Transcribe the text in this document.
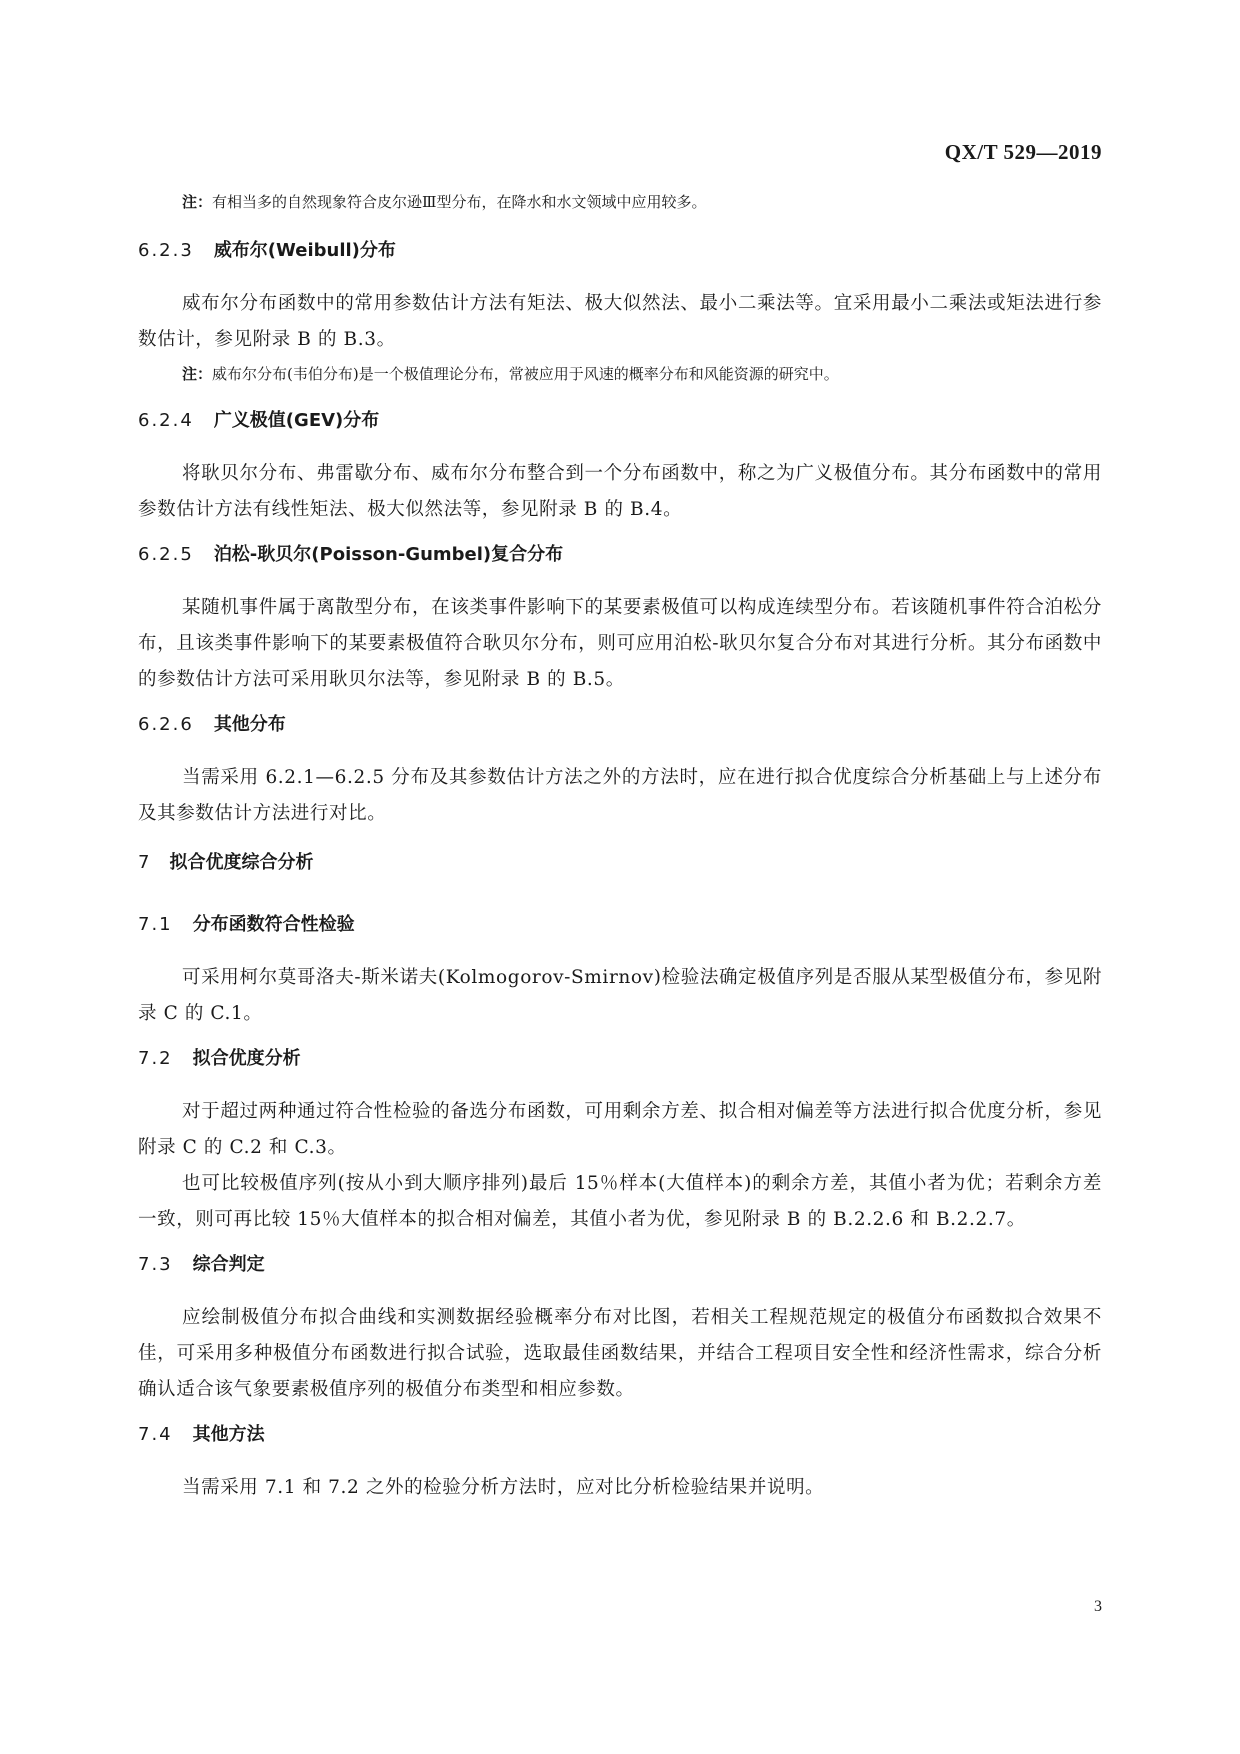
QX/T 529—2019

注：有相当多的自然现象符合皮尔逊Ⅲ型分布，在降水和水文领域中应用较多。

6.2.3 威布尔(Weibull)分布

威布尔分布函数中的常用参数估计方法有矩法、极大似然法、最小二乘法等。宜采用最小二乘法或矩法进行参数估计，参见附录 B 的 B.3。

注：威布尔分布(韦伯分布)是一个极值理论分布，常被应用于风速的概率分布和风能资源的研究中。

6.2.4 广义极值(GEV)分布

将耿贝尔分布、弗雷歇分布、威布尔分布整合到一个分布函数中，称之为广义极值分布。其分布函数中的常用参数估计方法有线性矩法、极大似然法等，参见附录 B 的 B.4。

6.2.5 泊松-耿贝尔(Poisson-Gumbel)复合分布

某随机事件属于离散型分布，在该类事件影响下的某要素极值可以构成连续型分布。若该随机事件符合泊松分布，且该类事件影响下的某要素极值符合耿贝尔分布，则可应用泊松-耿贝尔复合分布对其进行分析。其分布函数中的参数估计方法可采用耿贝尔法等，参见附录 B 的 B.5。

6.2.6 其他分布

当需采用 6.2.1—6.2.5 分布及其参数估计方法之外的方法时，应在进行拟合优度综合分析基础上与上述分布及其参数估计方法进行对比。

7 拟合优度综合分析
7.1 分布函数符合性检验

可采用柯尔莫哥洛夫-斯米诺夫(Kolmogorov-Smirnov)检验法确定极值序列是否服从某型极值分布，参见附录 C 的 C.1。

7.2 拟合优度分析

对于超过两种通过符合性检验的备选分布函数，可用剩余方差、拟合相对偏差等方法进行拟合优度分析，参见附录 C 的 C.2 和 C.3。

也可比较极值序列(按从小到大顺序排列)最后 15％样本(大值样本)的剩余方差，其值小者为优；若剩余方差一致，则可再比较 15％大值样本的拟合相对偏差，其值小者为优，参见附录 B 的 B.2.2.6 和 B.2.2.7。

7.3 综合判定

应绘制极值分布拟合曲线和实测数据经验概率分布对比图，若相关工程规范规定的极值分布函数拟合效果不佳，可采用多种极值分布函数进行拟合试验，选取最佳函数结果，并结合工程项目安全性和经济性需求，综合分析确认适合该气象要素极值序列的极值分布类型和相应参数。

7.4 其他方法

当需采用 7.1 和 7.2 之外的检验分析方法时，应对比分析检验结果并说明。

3
